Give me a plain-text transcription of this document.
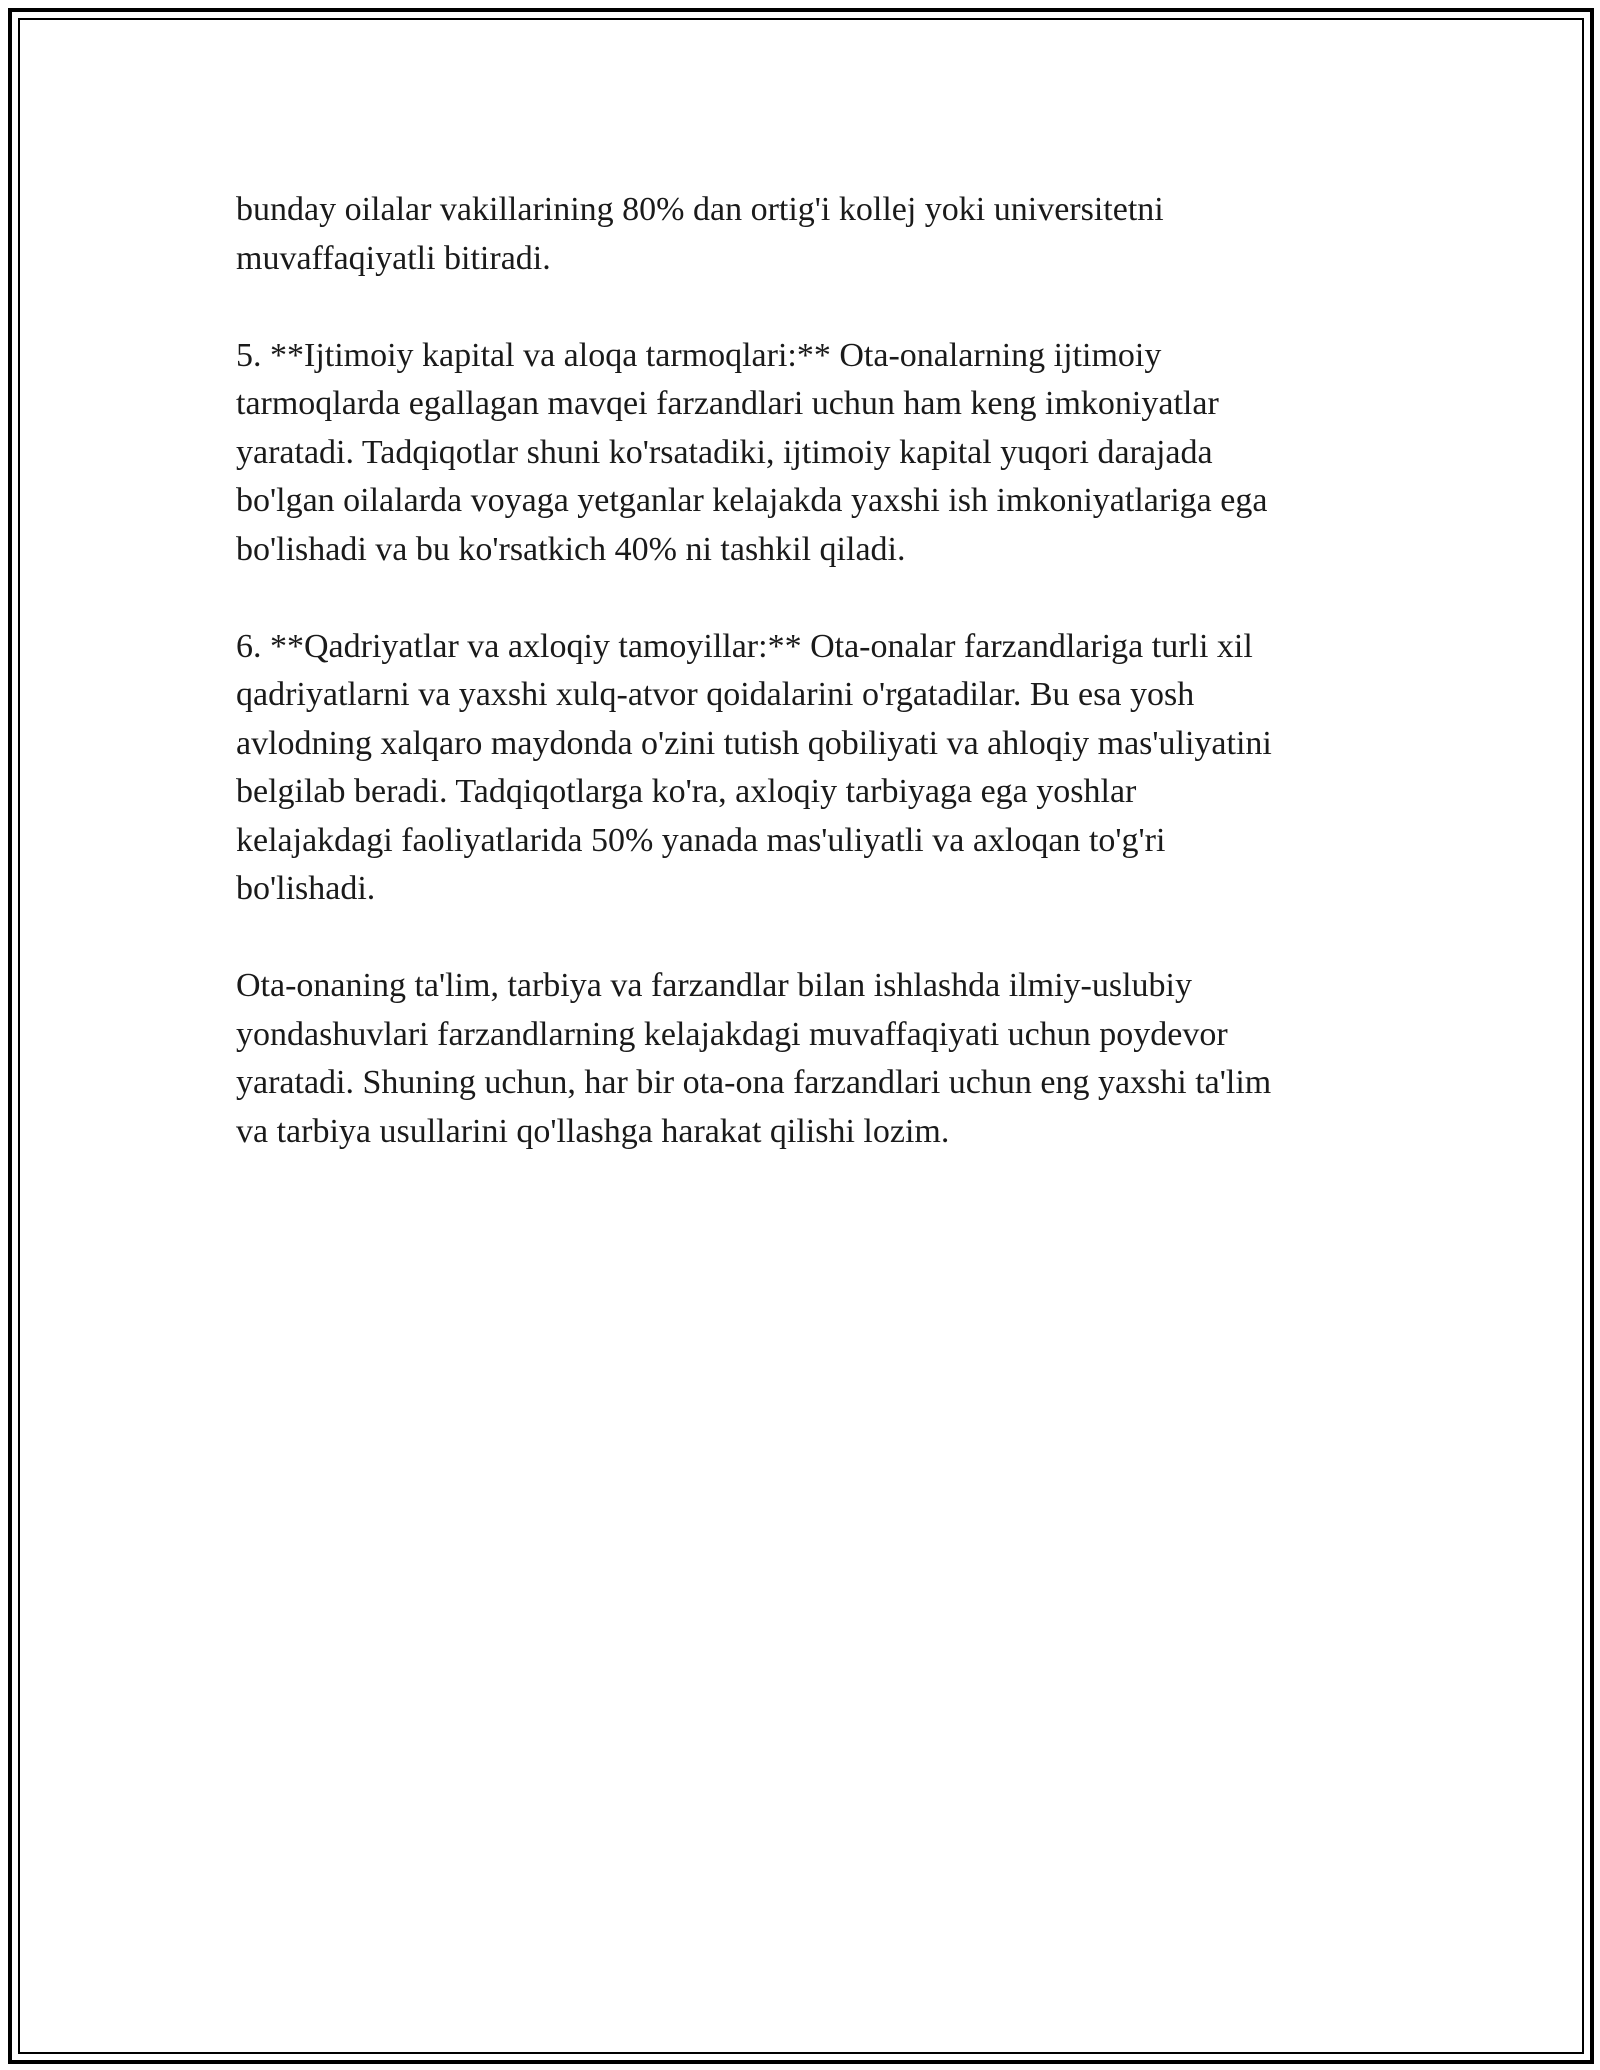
bunday oilalar vakillarining 80% dan ortig'i kollej yoki universitetni
muvaffaqiyatli bitiradi.

5. **Ijtimoiy kapital va aloqa tarmoqlari:** Ota-onalarning ijtimoiy
tarmoqlarda egallagan mavqei farzandlari uchun ham keng imkoniyatlar
yaratadi. Tadqiqotlar shuni ko'rsatadiki, ijtimoiy kapital yuqori darajada
bo'lgan oilalarda voyaga yetganlar kelajakda yaxshi ish imkoniyatlariga ega
bo'lishadi va bu ko'rsatkich 40% ni tashkil qiladi.

6. **Qadriyatlar va axloqiy tamoyillar:** Ota-onalar farzandlariga turli xil
qadriyatlarni va yaxshi xulq-atvor qoidalarini o'rgatadilar. Bu esa yosh
avlodning xalqaro maydonda o'zini tutish qobiliyati va ahloqiy mas'uliyatini
belgilab beradi. Tadqiqotlarga ko'ra, axloqiy tarbiyaga ega yoshlar
kelajakdagi faoliyatlarida 50% yanada mas'uliyatli va axloqan to'g'ri
bo'lishadi.

Ota-onaning ta'lim, tarbiya va farzandlar bilan ishlashda ilmiy-uslubiy
yondashuvlari farzandlarning kelajakdagi muvaffaqiyati uchun poydevor
yaratadi. Shuning uchun, har bir ota-ona farzandlari uchun eng yaxshi ta'lim
va tarbiya usullarini qo'llashga harakat qilishi lozim.
